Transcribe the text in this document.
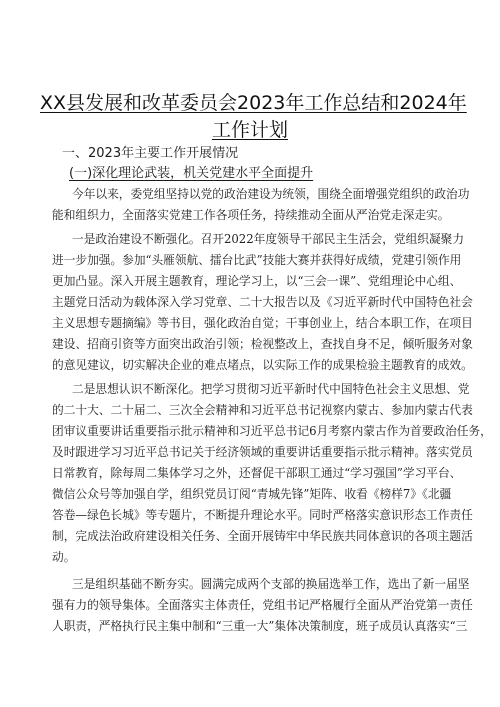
XX县发展和改革委员会2023年工作总结和2024年
工作计划
一、2023年主要工作开展情况
(一)深化理论武装，机关党建水平全面提升
今年以来，委党组坚持以党的政治建设为统领，围绕全面增强党组织的政治功
能和组织力，全面落实党建工作各项任务，持续推动全面从严治党走深走实。
一是政治建设不断强化。召开2022年度领导干部民主生活会，党组织凝聚力
进一步加强。参加“头雁领航、擂台比武”技能大赛并获得好成绩，党建引领作用
更加凸显。深入开展主题教育，理论学习上，以“三会一课”、党组理论中心组、
主题党日活动为载体深入学习党章、二十大报告以及《习近平新时代中国特色社会
主义思想专题摘编》等书目，强化政治自觉；干事创业上，结合本职工作，在项目
建设、招商引资等方面突出政治引领；检视整改上，查找自身不足，倾听服务对象
的意见建议，切实解决企业的难点堵点，以实际工作的成果检验主题教育的成效。
二是思想认识不断深化。把学习贯彻习近平新时代中国特色社会主义思想、党
的二十大、二十届二、三次全会精神和习近平总书记视察内蒙古、参加内蒙古代表
团审议重要讲话重要指示批示精神和习近平总书记6月考察内蒙古作为首要政治任务，
及时跟进学习习近平总书记关于经济领域的重要讲话重要指示批示精神。落实党员
日常教育，除每周二集体学习之外，还督促干部职工通过“学习强国”学习平台、
微信公众号等加强自学，组织党员订阅“青城先锋”矩阵、收看《榜样7》《北疆
答卷—绿色长城》等专题片，不断提升理论水平。同时严格落实意识形态工作责任
制，完成法治政府建设相关任务、全面开展铸牢中华民族共同体意识的各项主题活
动。
三是组织基础不断夯实。圆满完成两个支部的换届选举工作，选出了新一届坚
强有力的领导集体。全面落实主体责任，党组书记严格履行全面从严治党第一责任
人职责，严格执行民主集中制和“三重一大”集体决策制度，班子成员认真落实“三
